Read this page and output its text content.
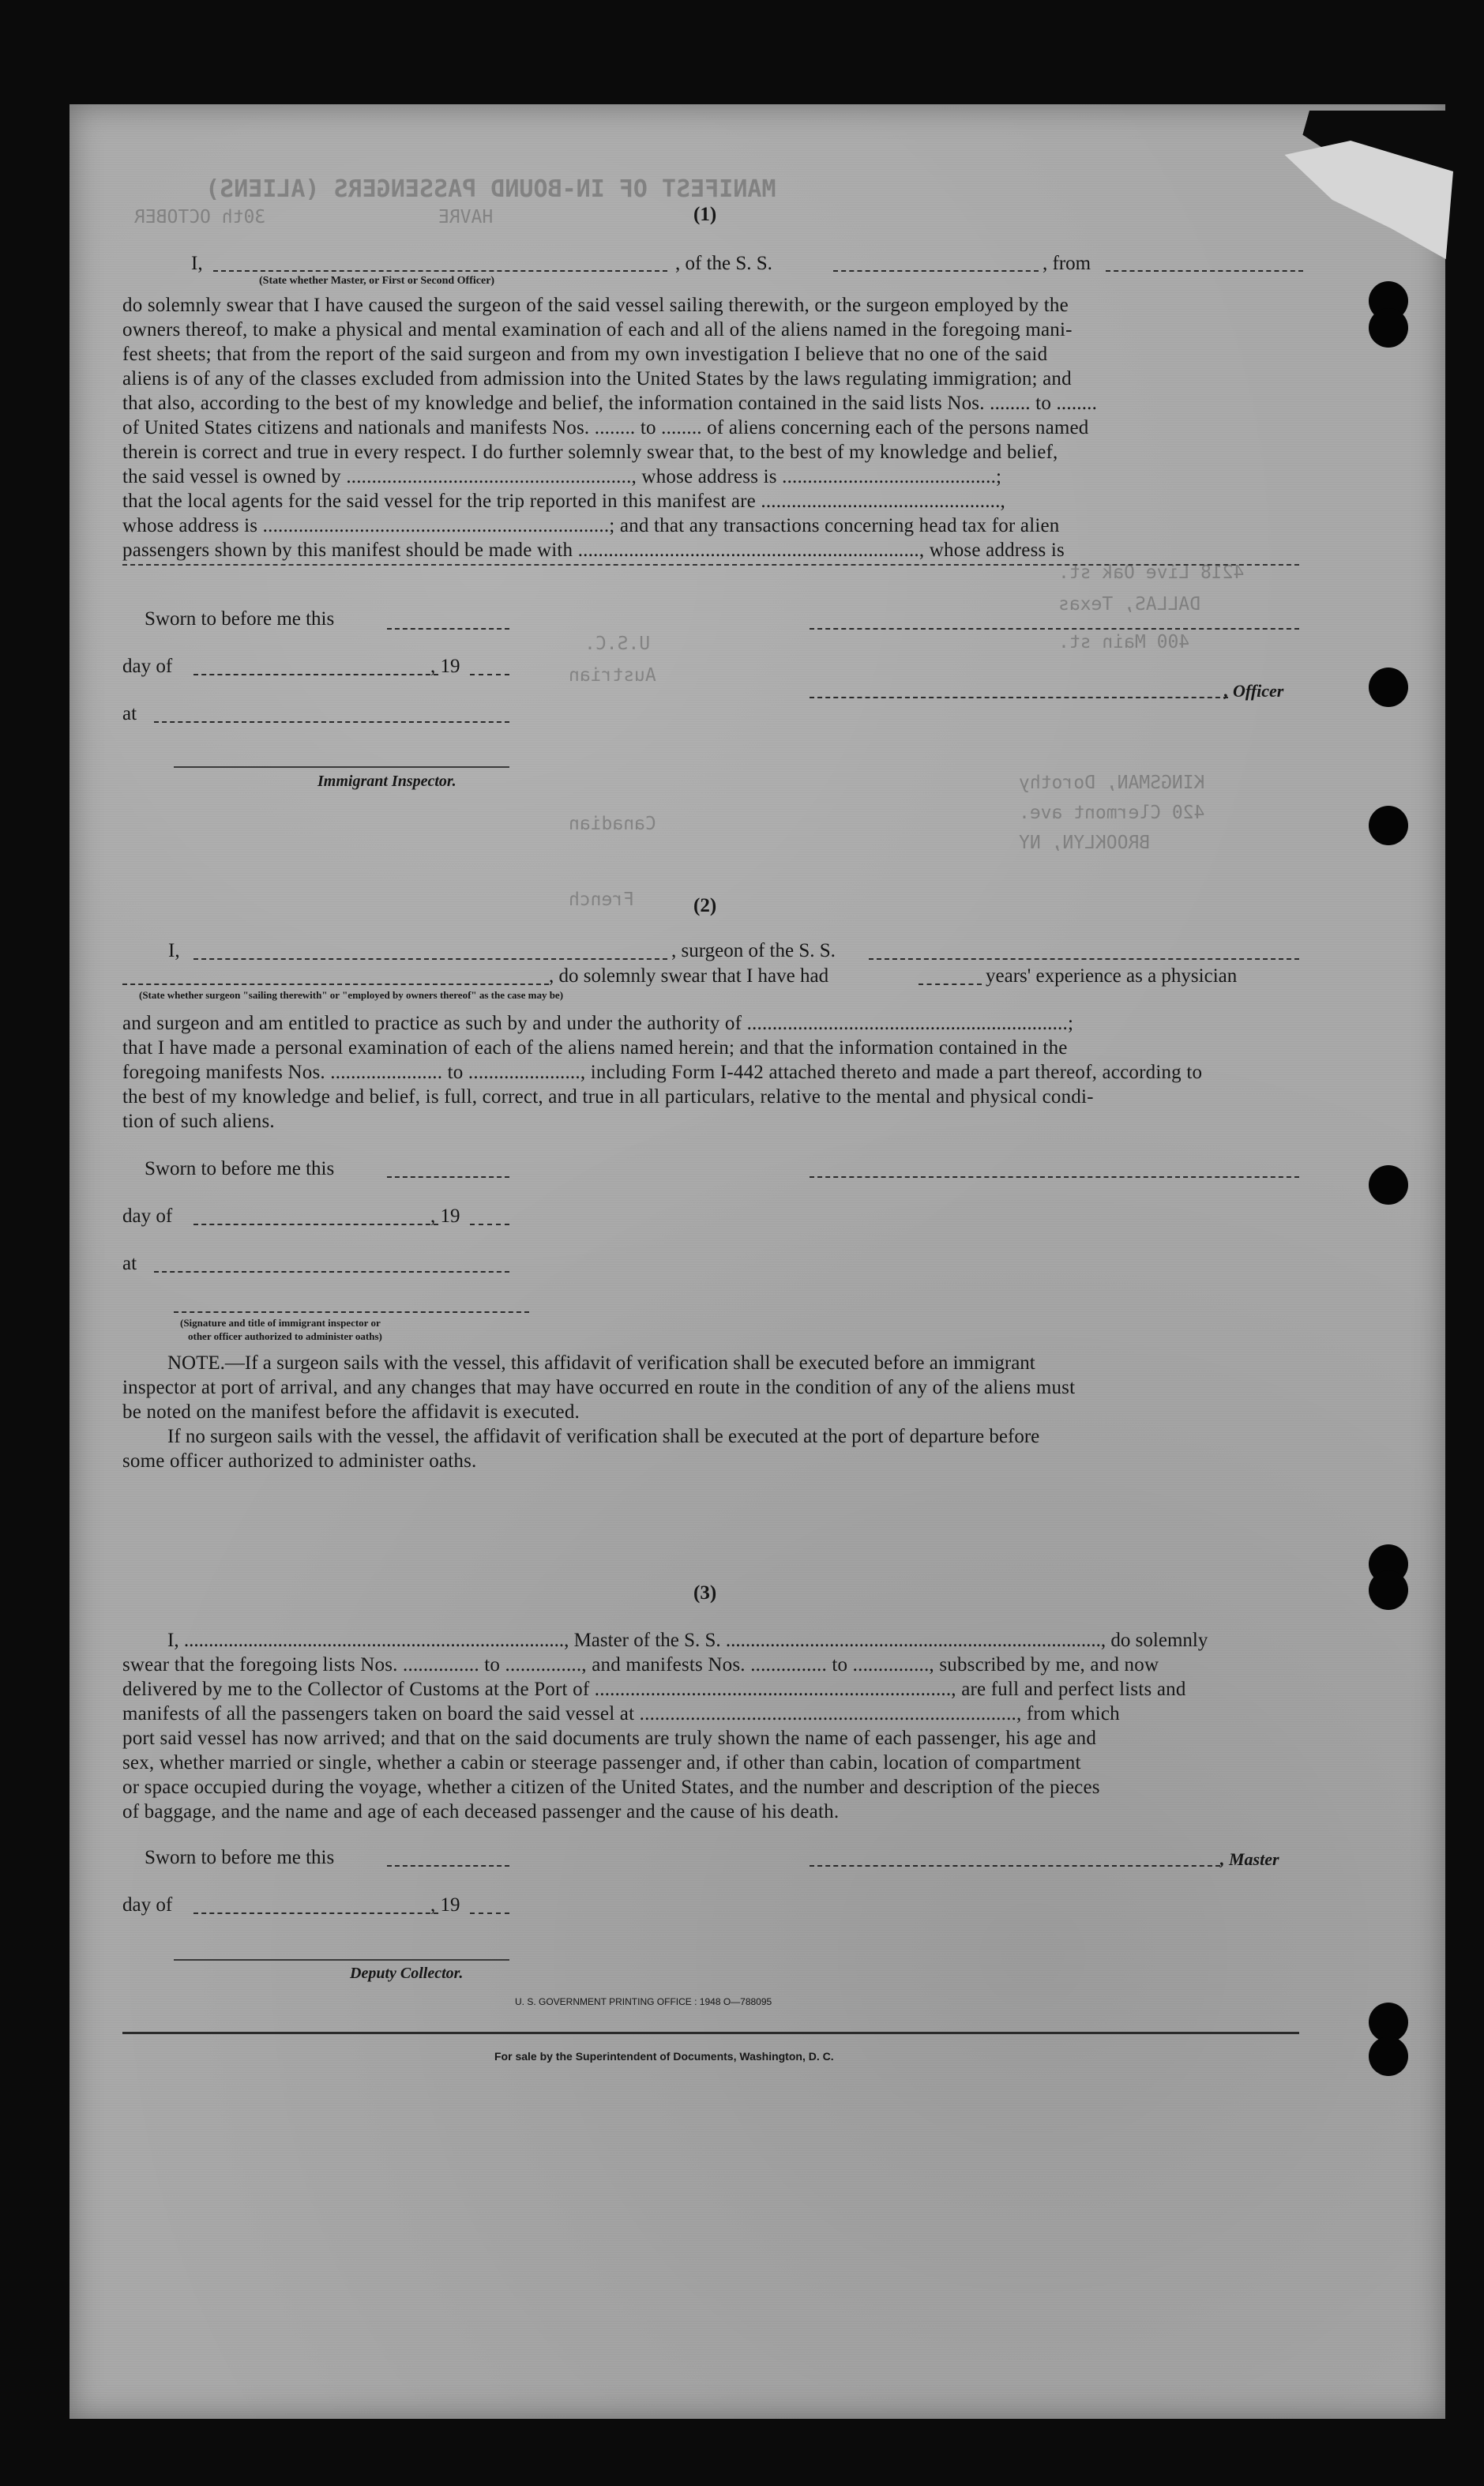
MANIFEST OF IN-BOUND PASSENGERS (ALIENS)
HAVRE
30th OCTOBER
4218 Live Oak st.
DALLAS, Texas
400 Main st.
Austrian
KINGSMAN, Dorothy
420 Clermont ave.
BROOKLYN, NY
Canadian
French
U.S.C.
(1)
I,	, of the S. S.	, from
(State whether Master, or First or Second Officer)
do solemnly swear that I have caused the surgeon of the said vessel sailing therewith, or the surgeon employed by the
owners thereof, to make a physical and mental examination of each and all of the aliens named in the foregoing mani-
fest sheets; that from the report of the said surgeon and from my own investigation I believe that no one of the said
aliens is of any of the classes excluded from admission into the United States by the laws regulating immigration; and
that also, according to the best of my knowledge and belief, the information contained in the said lists Nos. ........ to ........
of United States citizens and nationals and manifests Nos. ........ to ........ of aliens concerning each of the persons named
therein is correct and true in every respect. I do further solemnly swear that, to the best of my knowledge and belief,
the said vessel is owned by ........................................................, whose address is ..........................................;
that the local agents for the said vessel for the trip reported in this manifest are ...............................................,
whose address is ....................................................................; and that any transactions concerning head tax for alien
passengers shown by this manifest should be made with ..................................................................., whose address is
Sworn to before me this
day of	, 19
, Officer
at
Immigrant Inspector.
(2)
I,	, surgeon of the S. S.
, do solemnly swear that I have had	years' experience as a physician
(State whether surgeon "sailing therewith" or "employed by owners thereof" as the case may be)
and surgeon and am entitled to practice as such by and under the authority of ...............................................................;
that I have made a personal examination of each of the aliens named herein; and that the information contained in the
foregoing manifests Nos. ...................... to ......................, including Form I-442 attached thereto and made a part thereof, according to
the best of my knowledge and belief, is full, correct, and true in all particulars, relative to the mental and physical condi-
tion of such aliens.
Sworn to before me this
day of	, 19
at
(Signature and title of immigrant inspector or
other officer authorized to administer oaths)
NOTE.—If a surgeon sails with the vessel, this affidavit of verification shall be executed before an immigrant
inspector at port of arrival, and any changes that may have occurred en route in the condition of any of the aliens must
be noted on the manifest before the affidavit is executed.
If no surgeon sails with the vessel, the affidavit of verification shall be executed at the port of departure before
some officer authorized to administer oaths.
(3)
I, ............................................................................., Master of the S. S. ............................................................................, do solemnly
swear that the foregoing lists Nos. ............... to ..............., and manifests Nos. ............... to ..............., subscribed by me, and now
delivered by me to the Collector of Customs at the Port of ......................................................................, are full and perfect lists and
manifests of all the passengers taken on board the said vessel at .........................................................................., from which
port said vessel has now arrived; and that on the said documents are truly shown the name of each passenger, his age and
sex, whether married or single, whether a cabin or steerage passenger and, if other than cabin, location of compartment
or space occupied during the voyage, whether a citizen of the United States, and the number and description of the pieces
of baggage, and the name and age of each deceased passenger and the cause of his death.
Sworn to before me this	, Master
day of	, 19
Deputy Collector.
U. S. GOVERNMENT PRINTING OFFICE : 1948 O—788095
For sale by the Superintendent of Documents, Washington, D. C.
